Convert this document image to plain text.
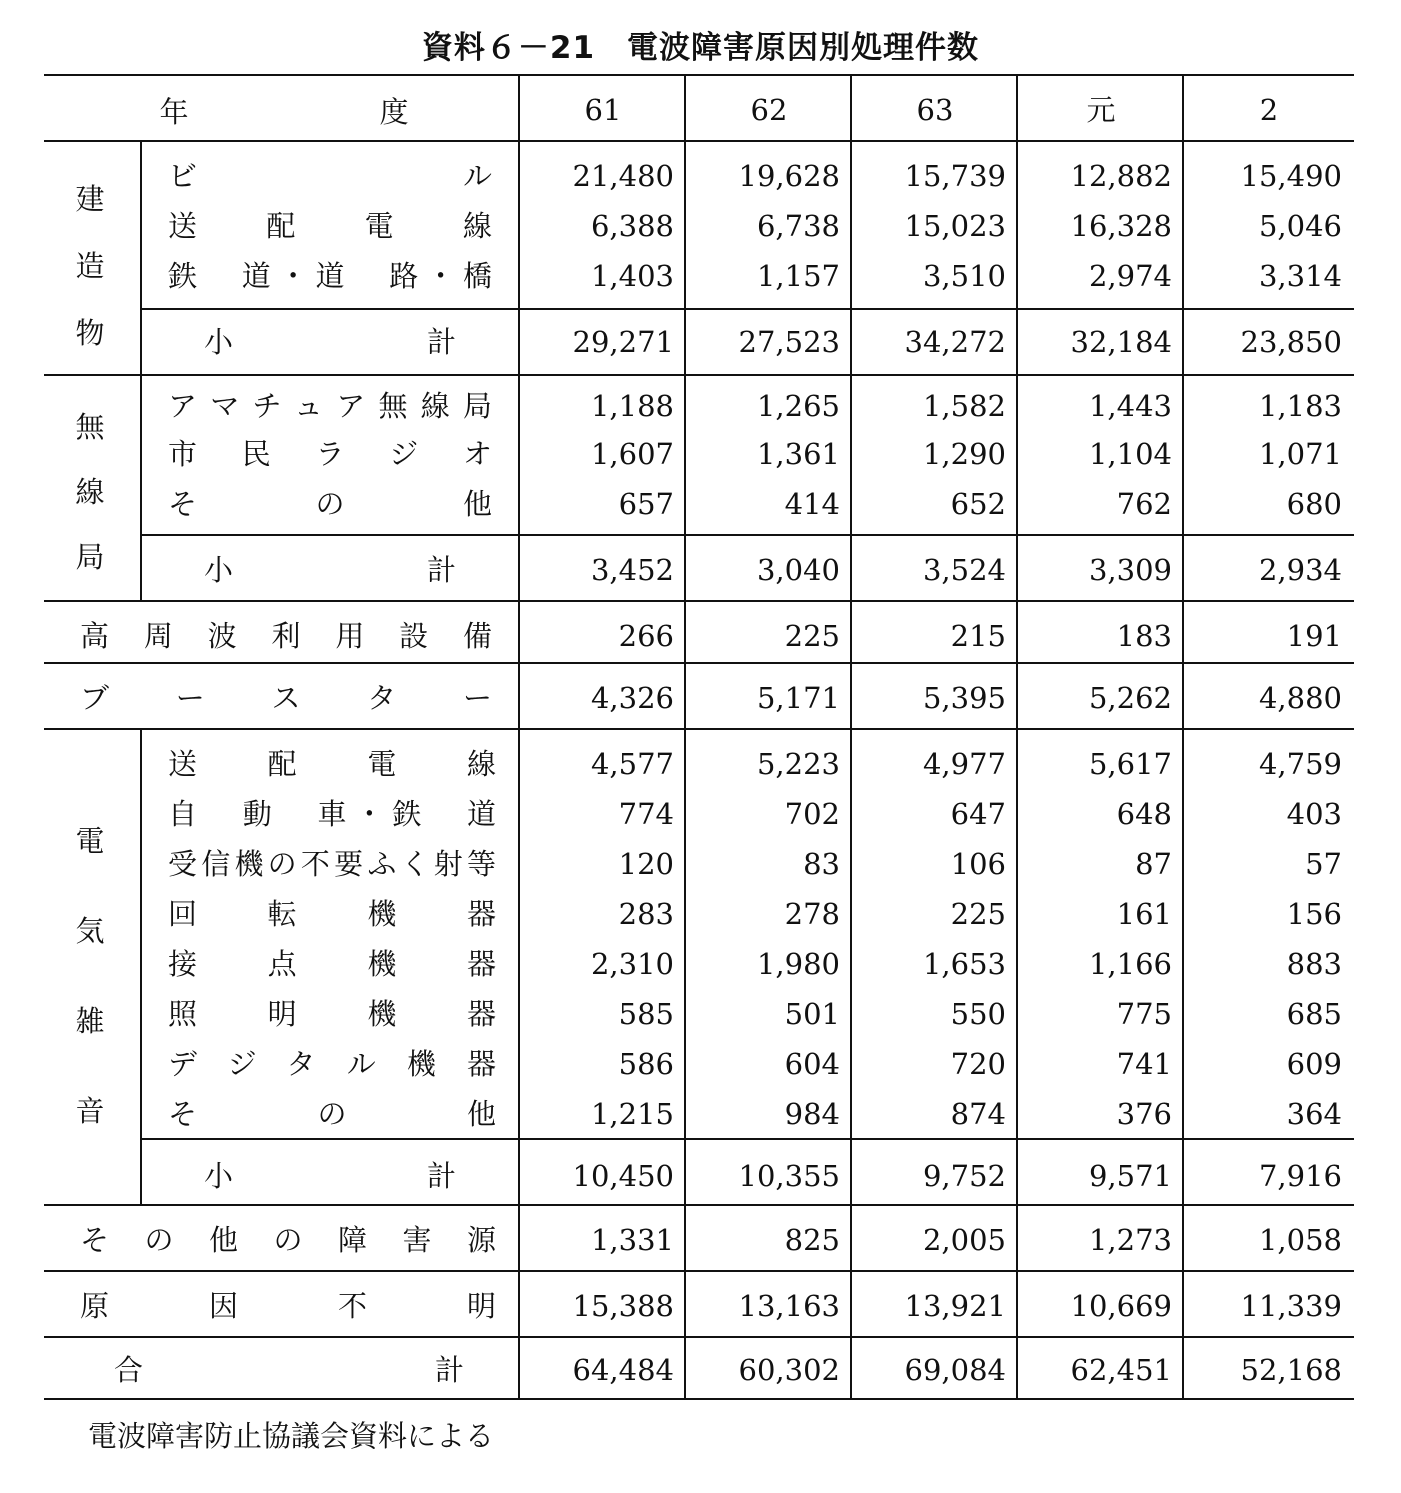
資料６－21　電波障害原因別処理件数
年	度	61	62	63	元	2
建
造
物
ビ　　　　ル	21,480	19,628	15,739	12,882	15,490
送　配　電　線	6,388	6,738	15,023	16,328	5,046
鉄　道・道　路・橋	1,403	1,157	3,510	2,974	3,314
小　　　計	29,271	27,523	34,272	32,184	23,850
無
線
局
アマチュア無線局	1,188	1,265	1,582	1,443	1,183
市　民　ラ　ジ　オ	1,607	1,361	1,290	1,104	1,071
そ　　の　　他	657	414	652	762	680
小　　　計	3,452	3,040	3,524	3,309	2,934
高周波利用設備	266	225	215	183	191
ブ　ー　ス　タ　ー	4,326	5,171	5,395	5,262	4,880
電
気
雑
音
送　配　電　線	4,577	5,223	4,977	5,617	4,759
自　動　車・鉄　道	774	702	647	648	403
受信機の不要ふく射等	120	83	106	87	57
回　転　機　器	283	278	225	161	156
接　点　機　器	2,310	1,980	1,653	1,166	883
照　明　機　器	585	501	550	775	685
デジタル機器	586	604	720	741	609
そ　　の　　他	1,215	984	874	376	364
小　　　計	10,450	10,355	9,752	9,571	7,916
その他の障害源	1,331	825	2,005	1,273	1,058
原　因　不　明	15,388	13,163	13,921	10,669	11,339
合　　　　計	64,484	60,302	69,084	62,451	52,168
電波障害防止協議会資料による
